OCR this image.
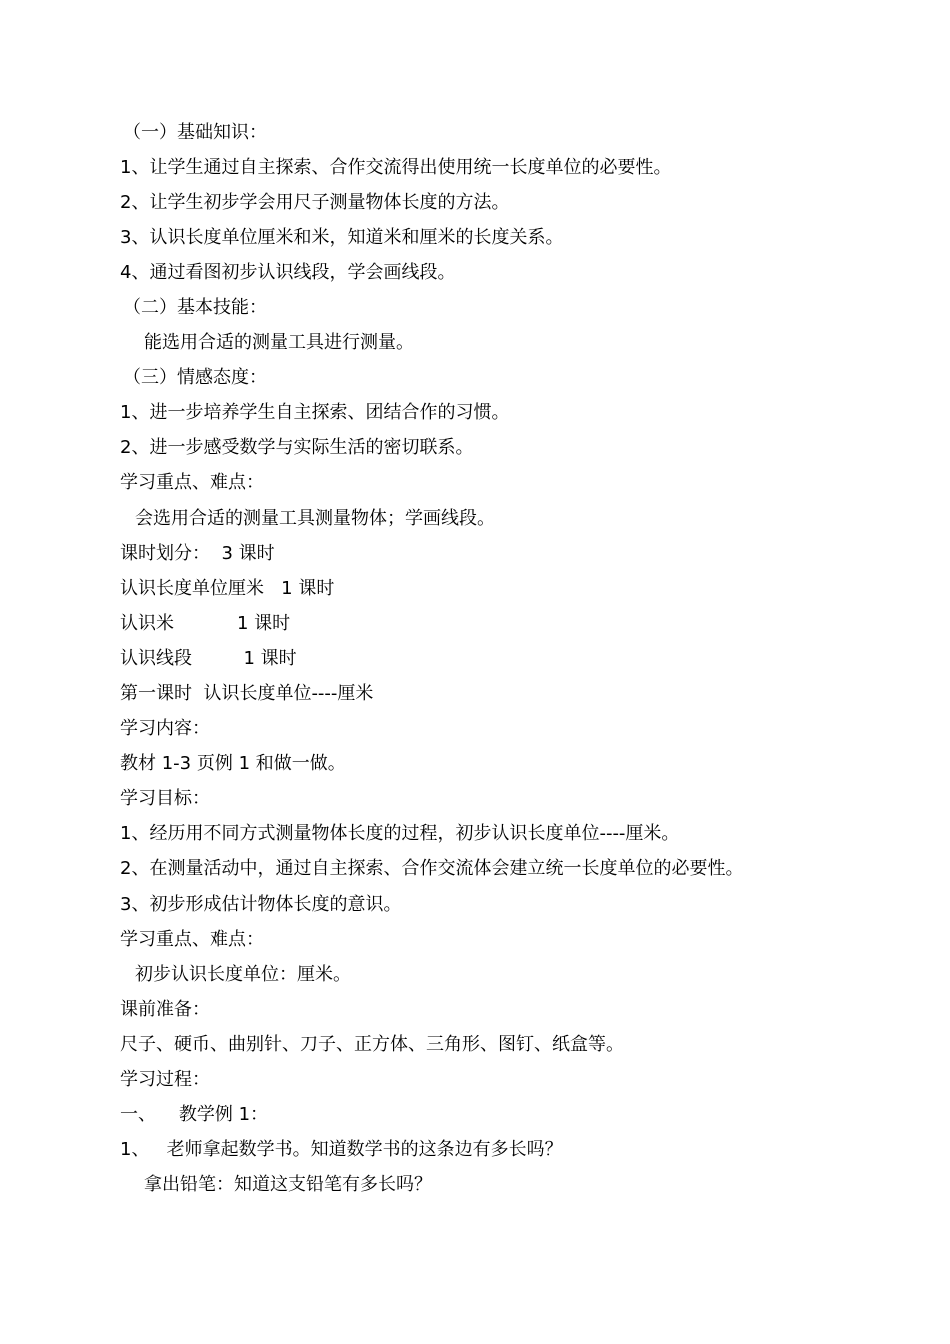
（一）基础知识：
1、让学生通过自主探索、合作交流得出使用统一长度单位的必要性。
2、让学生初步学会用尺子测量物体长度的方法。
3、认识长度单位厘米和米，知道米和厘米的长度关系。
4、通过看图初步认识线段，学会画线段。
（二）基本技能：
能选用合适的测量工具进行测量。
（三）情感态度：
1、进一步培养学生自主探索、团结合作的习惯。
2、进一步感受数学与实际生活的密切联系。
学习重点、难点：
会选用合适的测量工具测量物体；学画线段。
课时划分：  3 课时
认识长度单位厘米   1 课时
认识米           1 课时
认识线段         1 课时
第一课时  认识长度单位----厘米
学习内容：
教材 1-3 页例 1 和做一做。
学习目标：
1、经历用不同方式测量物体长度的过程，初步认识长度单位----厘米。
2、在测量活动中，通过自主探索、合作交流体会建立统一长度单位的必要性。
3、初步形成估计物体长度的意识。
学习重点、难点：
初步认识长度单位：厘米。
课前准备：
尺子、硬币、曲别针、刀子、正方体、三角形、图钉、纸盒等。
学习过程：
一、    教学例 1：
1、   老师拿起数学书。知道数学书的这条边有多长吗？
拿出铅笔：知道这支铅笔有多长吗？
